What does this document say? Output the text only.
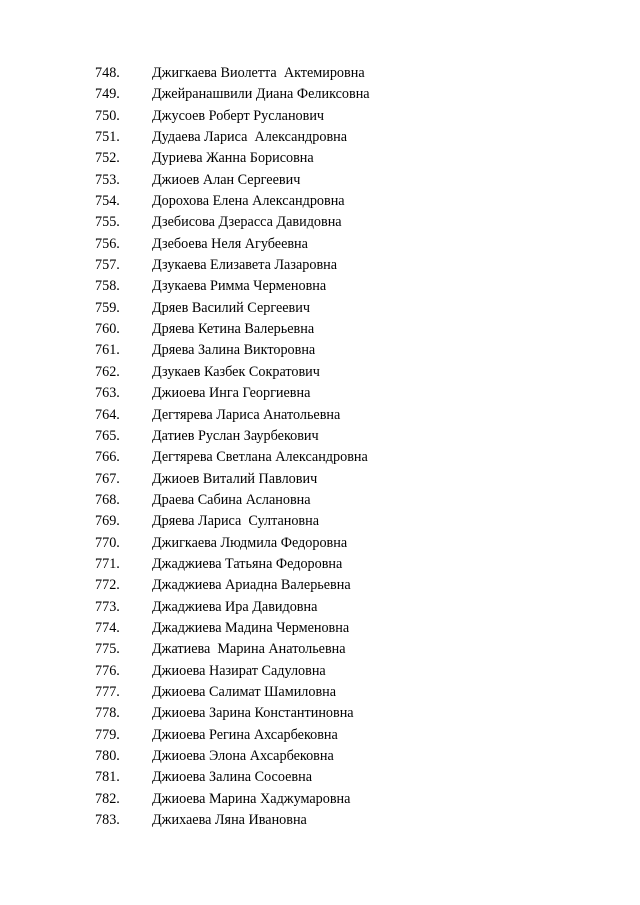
748. Джигкаева Виолетта  Актемировна
749. Джейранашвили Диана Феликсовна
750. Джусоев Роберт Русланович
751. Дудаева Лариса  Александровна
752. Дуриева Жанна Борисовна
753. Джиоев Алан Сергеевич
754. Дорохова Елена Александровна
755. Дзебисова Дзерасса Давидовна
756. Дзебоева Неля Агубеевна
757. Дзукаева Елизавета Лазаровна
758. Дзукаева Римма Черменовна
759. Дряев Василий Сергеевич
760. Дряева Кетина Валерьевна
761. Дряева Залина Викторовна
762. Дзукаев Казбек Сократович
763. Джиоева Инга Георгиевна
764. Дегтярева Лариса Анатольевна
765. Датиев Руслан Заурбекович
766. Дегтярева Светлана Александровна
767. Джиоев Виталий Павлович
768. Драева Сабина Аслановна
769. Дряева Лариса  Султановна
770. Джигкаева Людмила Федоровна
771. Джаджиева Татьяна Федоровна
772. Джаджиева Ариадна Валерьевна
773. Джаджиева Ира Давидовна
774. Джаджиева Мадина Черменовна
775. Джатиева  Марина Анатольевна
776. Джиоева Назират Садуловна
777. Джиоева Салимат Шамиловна
778. Джиоева Зарина Константиновна
779. Джиоева Регина Ахсарбековна
780. Джиоева Элона Ахсарбековна
781. Джиоева Залина Сосоевна
782. Джиоева Марина Хаджумаровна
783. Джихаева Ляна Ивановна
